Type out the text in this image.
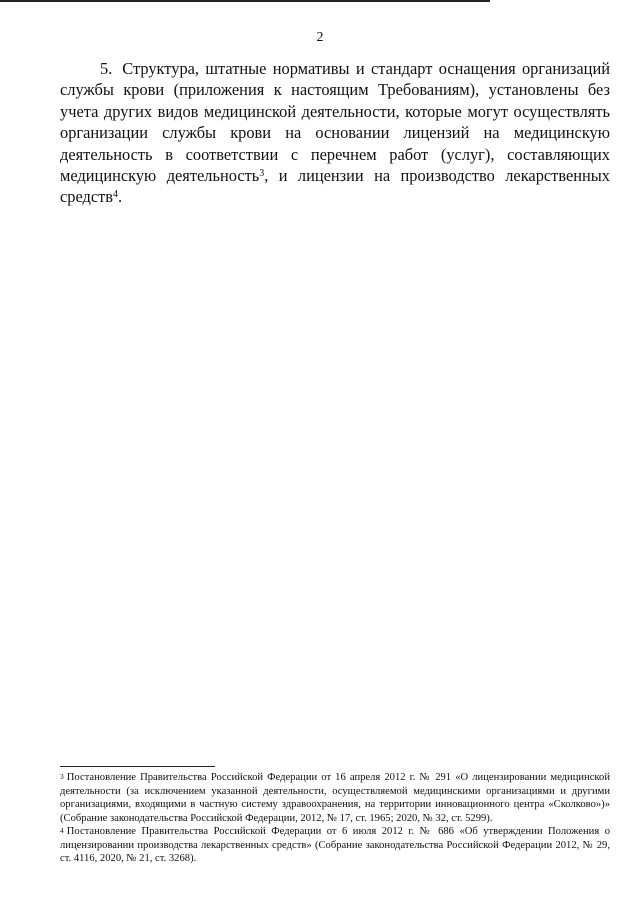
2
5. Структура, штатные нормативы и стандарт оснащения организаций службы крови (приложения к настоящим Требованиям), установлены без учета других видов медицинской деятельности, которые могут осуществлять организации службы крови на основании лицензий на медицинскую деятельность в соответствии с перечнем работ (услуг), составляющих медицинскую деятельность$^3$, и лицензии на производство лекарственных средств$^4$.

$^3$ Постановление Правительства Российской Федерации от 16 апреля 2012 г. № 291 «О лицензировании медицинской деятельности (за исключением указанной деятельности, осуществляемой медицинскими организациями и другими организациями, входящими в частную систему здравоохранения, на территории инновационного центра «Сколково»)» (Собрание законодательства Российской Федерации, 2012, № 17, ст. 1965; 2020, № 32, ст. 5299).

$^4$ Постановление Правительства Российской Федерации от 6 июля 2012 г. № 686 «Об утверждении Положения о лицензировании производства лекарственных средств» (Собрание законодательства Российской Федерации 2012, № 29, ст. 4116, 2020, № 21, ст. 3268).
